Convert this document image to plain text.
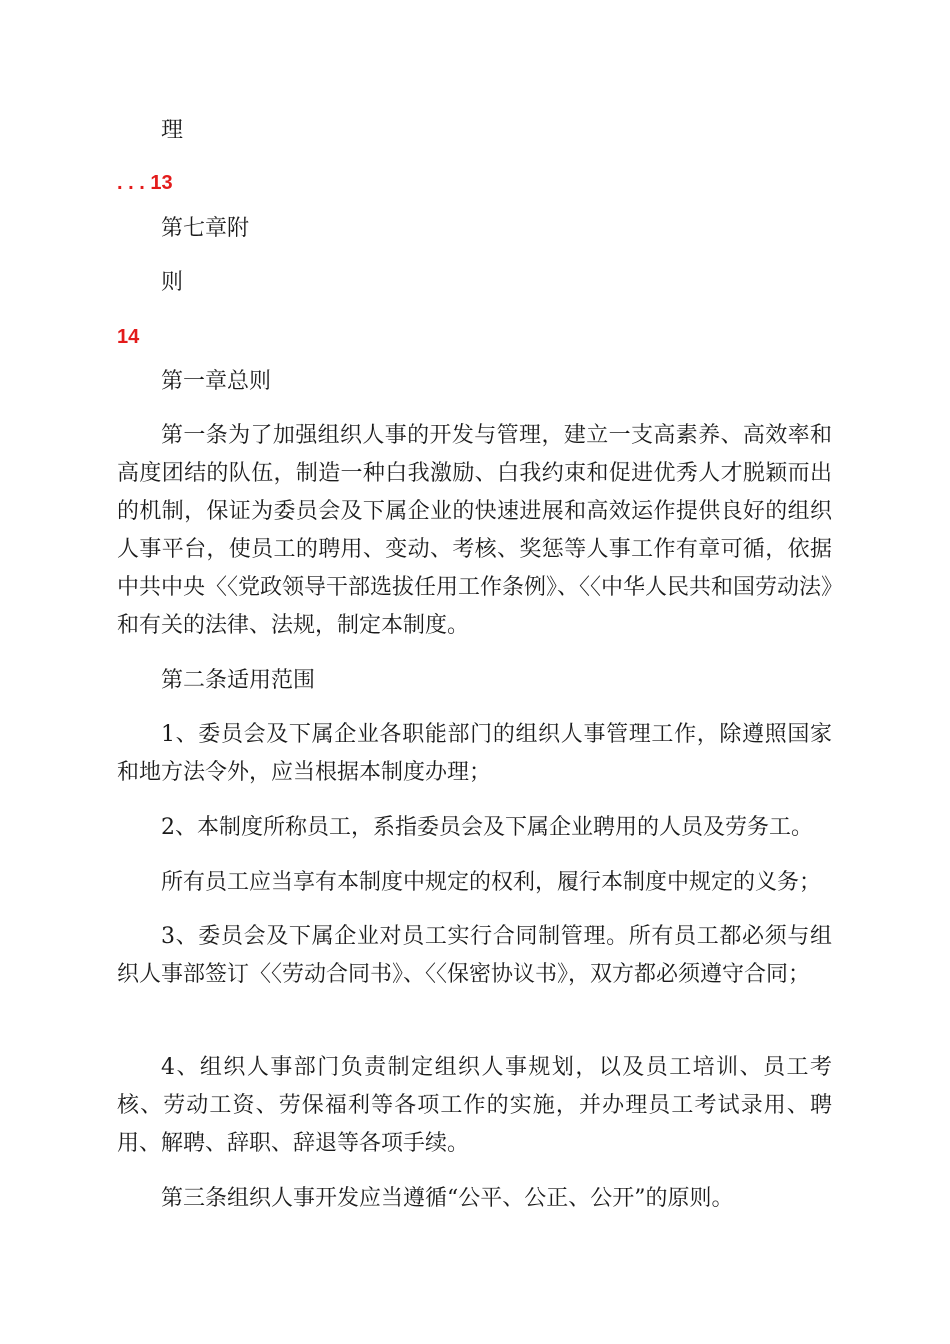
理

. . . 13

第七章附

则

14

第一章总则

第一条为了加强组织人事的开发与管理，建立一支高素养、高效率和高度团结的队伍，制造一种白我激励、白我约束和促进优秀人才脱颖而出的机制，保证为委员会及下属企业的快速进展和高效运作提供良好的组织人事平台，使员工的聘用、变动、考核、奖惩等人事工作有章可循，依据中共中央〈〈党政领导干部选拔任用工作条例》、〈〈中华人民共和国劳动法》和有关的法律、法规，制定本制度。

第二条适用范围

1、委员会及下属企业各职能部门的组织人事管理工作，除遵照国家和地方法令外，应当根据本制度办理；

2、本制度所称员工，系指委员会及下属企业聘用的人员及劳务工。

所有员工应当享有本制度中规定的权利，履行本制度中规定的义务；

3、委员会及下属企业对员工实行合同制管理。所有员工都必须与组织人事部签订〈〈劳动合同书》、〈〈保密协议书》，双方都必须遵守合同；

4、组织人事部门负责制定组织人事规划，以及员工培训、员工考核、劳动工资、劳保福利等各项工作的实施，并办理员工考试录用、聘用、解聘、辞职、辞退等各项手续。

第三条组织人事开发应当遵循“公平、公正、公开”的原则。
